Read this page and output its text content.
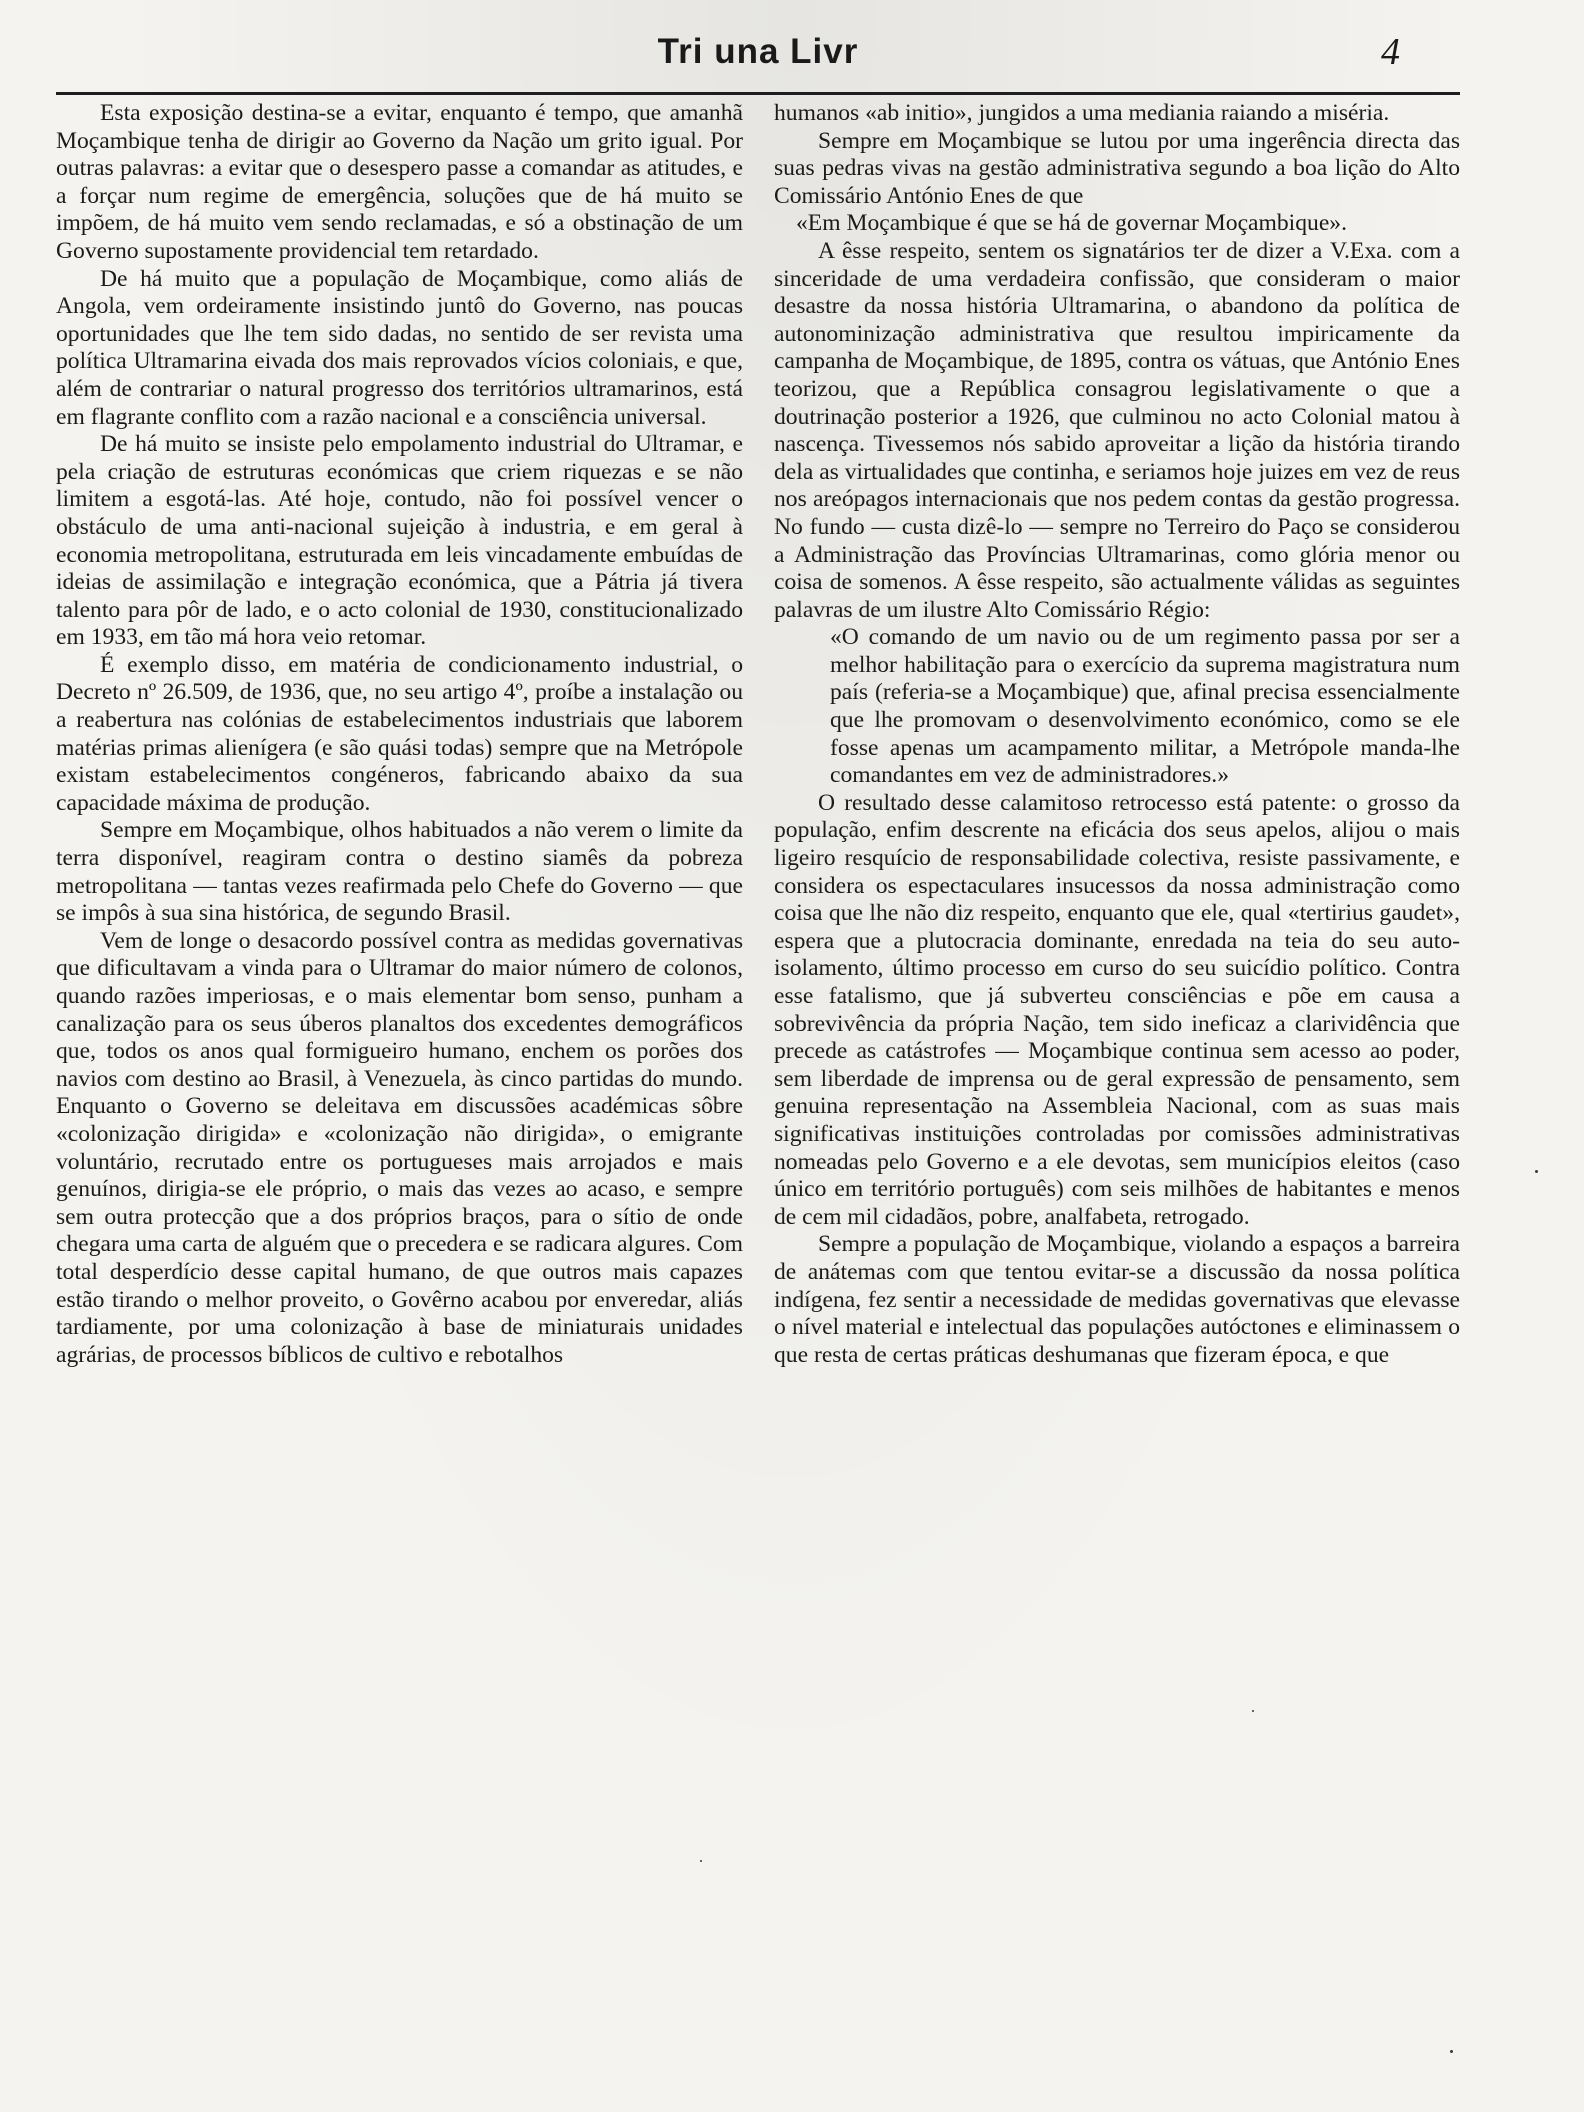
Tri una Livr	4

Esta exposição destina-se a evitar, enquanto é tempo, que amanhã Moçambique tenha de dirigir ao Governo da Nação um grito igual. Por outras palavras: a evitar que o desespero passe a comandar as atitudes, e a forçar num regime de emergência, soluções que de há muito se impõem, de há muito vem sendo reclamadas, e só a obstinação de um Governo supostamente providencial tem retardado.

De há muito que a população de Moçambique, como aliás de Angola, vem ordeiramente insistindo juntô do Governo, nas poucas oportunidades que lhe tem sido dadas, no sentido de ser revista uma política Ultramarina eivada dos mais reprovados vícios coloniais, e que, além de contrariar o natural progresso dos territórios ultramarinos, está em flagrante conflito com a razão nacional e a consciência universal.

De há muito se insiste pelo empolamento industrial do Ultramar, e pela criação de estruturas económicas que criem riquezas e se não limitem a esgotá-las. Até hoje, contudo, não foi possível vencer o obstáculo de uma anti-nacional sujeição à industria, e em geral à economia metropolitana, estruturada em leis vincadamente embuídas de ideias de assimilação e integração económica, que a Pátria já tivera talento para pôr de lado, e o acto colonial de 1930, constitucionalizado em 1933, em tão má hora veio retomar.

É exemplo disso, em matéria de condicionamento industrial, o Decreto nº 26.509, de 1936, que, no seu artigo 4º, proíbe a instalação ou a reabertura nas colónias de estabelecimentos industriais que laborem matérias primas alienígera (e são quási todas) sempre que na Metrópole existam estabelecimentos congéneros, fabricando abaixo da sua capacidade máxima de produção.

Sempre em Moçambique, olhos habituados a não verem o limite da terra disponível, reagiram contra o destino siamês da pobreza metropolitana — tantas vezes reafirmada pelo Chefe do Governo — que se impôs à sua sina histórica, de segundo Brasil.

Vem de longe o desacordo possível contra as medidas governativas que dificultavam a vinda para o Ultramar do maior número de colonos, quando razões imperiosas, e o mais elementar bom senso, punham a canalização para os seus úberos planaltos dos excedentes demográficos que, todos os anos qual formigueiro humano, enchem os porões dos navios com destino ao Brasil, à Venezuela, às cinco partidas do mundo. Enquanto o Governo se deleitava em discussões académicas sôbre «colonização dirigida» e «colonização não dirigida», o emigrante voluntário, recrutado entre os portugueses mais arrojados e mais genuínos, dirigia-se ele próprio, o mais das vezes ao acaso, e sempre sem outra protecção que a dos próprios braços, para o sítio de onde chegara uma carta de alguém que o precedera e se radicara algures. Com total desperdício desse capital humano, de que outros mais capazes estão tirando o melhor proveito, o Govêrno acabou por enveredar, aliás tardiamente, por uma colonização à base de miniaturais unidades agrárias, de processos bíblicos de cultivo e rebotalhos

humanos «ab initio», jungidos a uma mediania raiando a miséria.

Sempre em Moçambique se lutou por uma ingerência directa das suas pedras vivas na gestão administrativa segundo a boa lição do Alto Comissário António Enes de que

«Em Moçambique é que se há de governar Moçambique».

A êsse respeito, sentem os signatários ter de dizer a V.Exa. com a sinceridade de uma verdadeira confissão, que consideram o maior desastre da nossa história Ultramarina, o abandono da política de autonominização administrativa que resultou impiricamente da campanha de Moçambique, de 1895, contra os vátuas, que António Enes teorizou, que a República consagrou legislativamente o que a doutrinação posterior a 1926, que culminou no acto Colonial matou à nascença. Tivessemos nós sabido aproveitar a lição da história tirando dela as virtualidades que continha, e seriamos hoje juizes em vez de reus nos areópagos internacionais que nos pedem contas da gestão progressa. No fundo — custa dizê-lo — sempre no Terreiro do Paço se considerou a Administração das Províncias Ultramarinas, como glória menor ou coisa de somenos. A êsse respeito, são actualmente válidas as seguintes palavras de um ilustre Alto Comissário Régio:

«O comando de um navio ou de um regimento passa por ser a melhor habilitação para o exercício da suprema magistratura num país (referia-se a Moçambique) que, afinal precisa essencialmente que lhe promovam o desenvolvimento económico, como se ele fosse apenas um acampamento militar, a Metrópole manda-lhe comandantes em vez de administradores.»

O resultado desse calamitoso retrocesso está patente: o grosso da população, enfim descrente na eficácia dos seus apelos, alijou o mais ligeiro resquício de responsabilidade colectiva, resiste passivamente, e considera os espectaculares insucessos da nossa administração como coisa que lhe não diz respeito, enquanto que ele, qual «tertirius gaudet», espera que a plutocracia dominante, enredada na teia do seu auto-isolamento, último processo em curso do seu suicídio político. Contra esse fatalismo, que já subverteu consciências e põe em causa a sobrevivência da própria Nação, tem sido ineficaz a clarividência que precede as catástrofes — Moçambique continua sem acesso ao poder, sem liberdade de imprensa ou de geral expressão de pensamento, sem genuina representação na Assembleia Nacional, com as suas mais significativas instituições controladas por comissões administrativas nomeadas pelo Governo e a ele devotas, sem municípios eleitos (caso único em território português) com seis milhões de habitantes e menos de cem mil cidadãos, pobre, analfabeta, retrogado.

Sempre a população de Moçambique, violando a espaços a barreira de anátemas com que tentou evitar-se a discussão da nossa política indígena, fez sentir a necessidade de medidas governativas que elevasse o nível material e intelectual das populações autóctones e eliminassem o que resta de certas práticas deshumanas que fizeram época, e que
